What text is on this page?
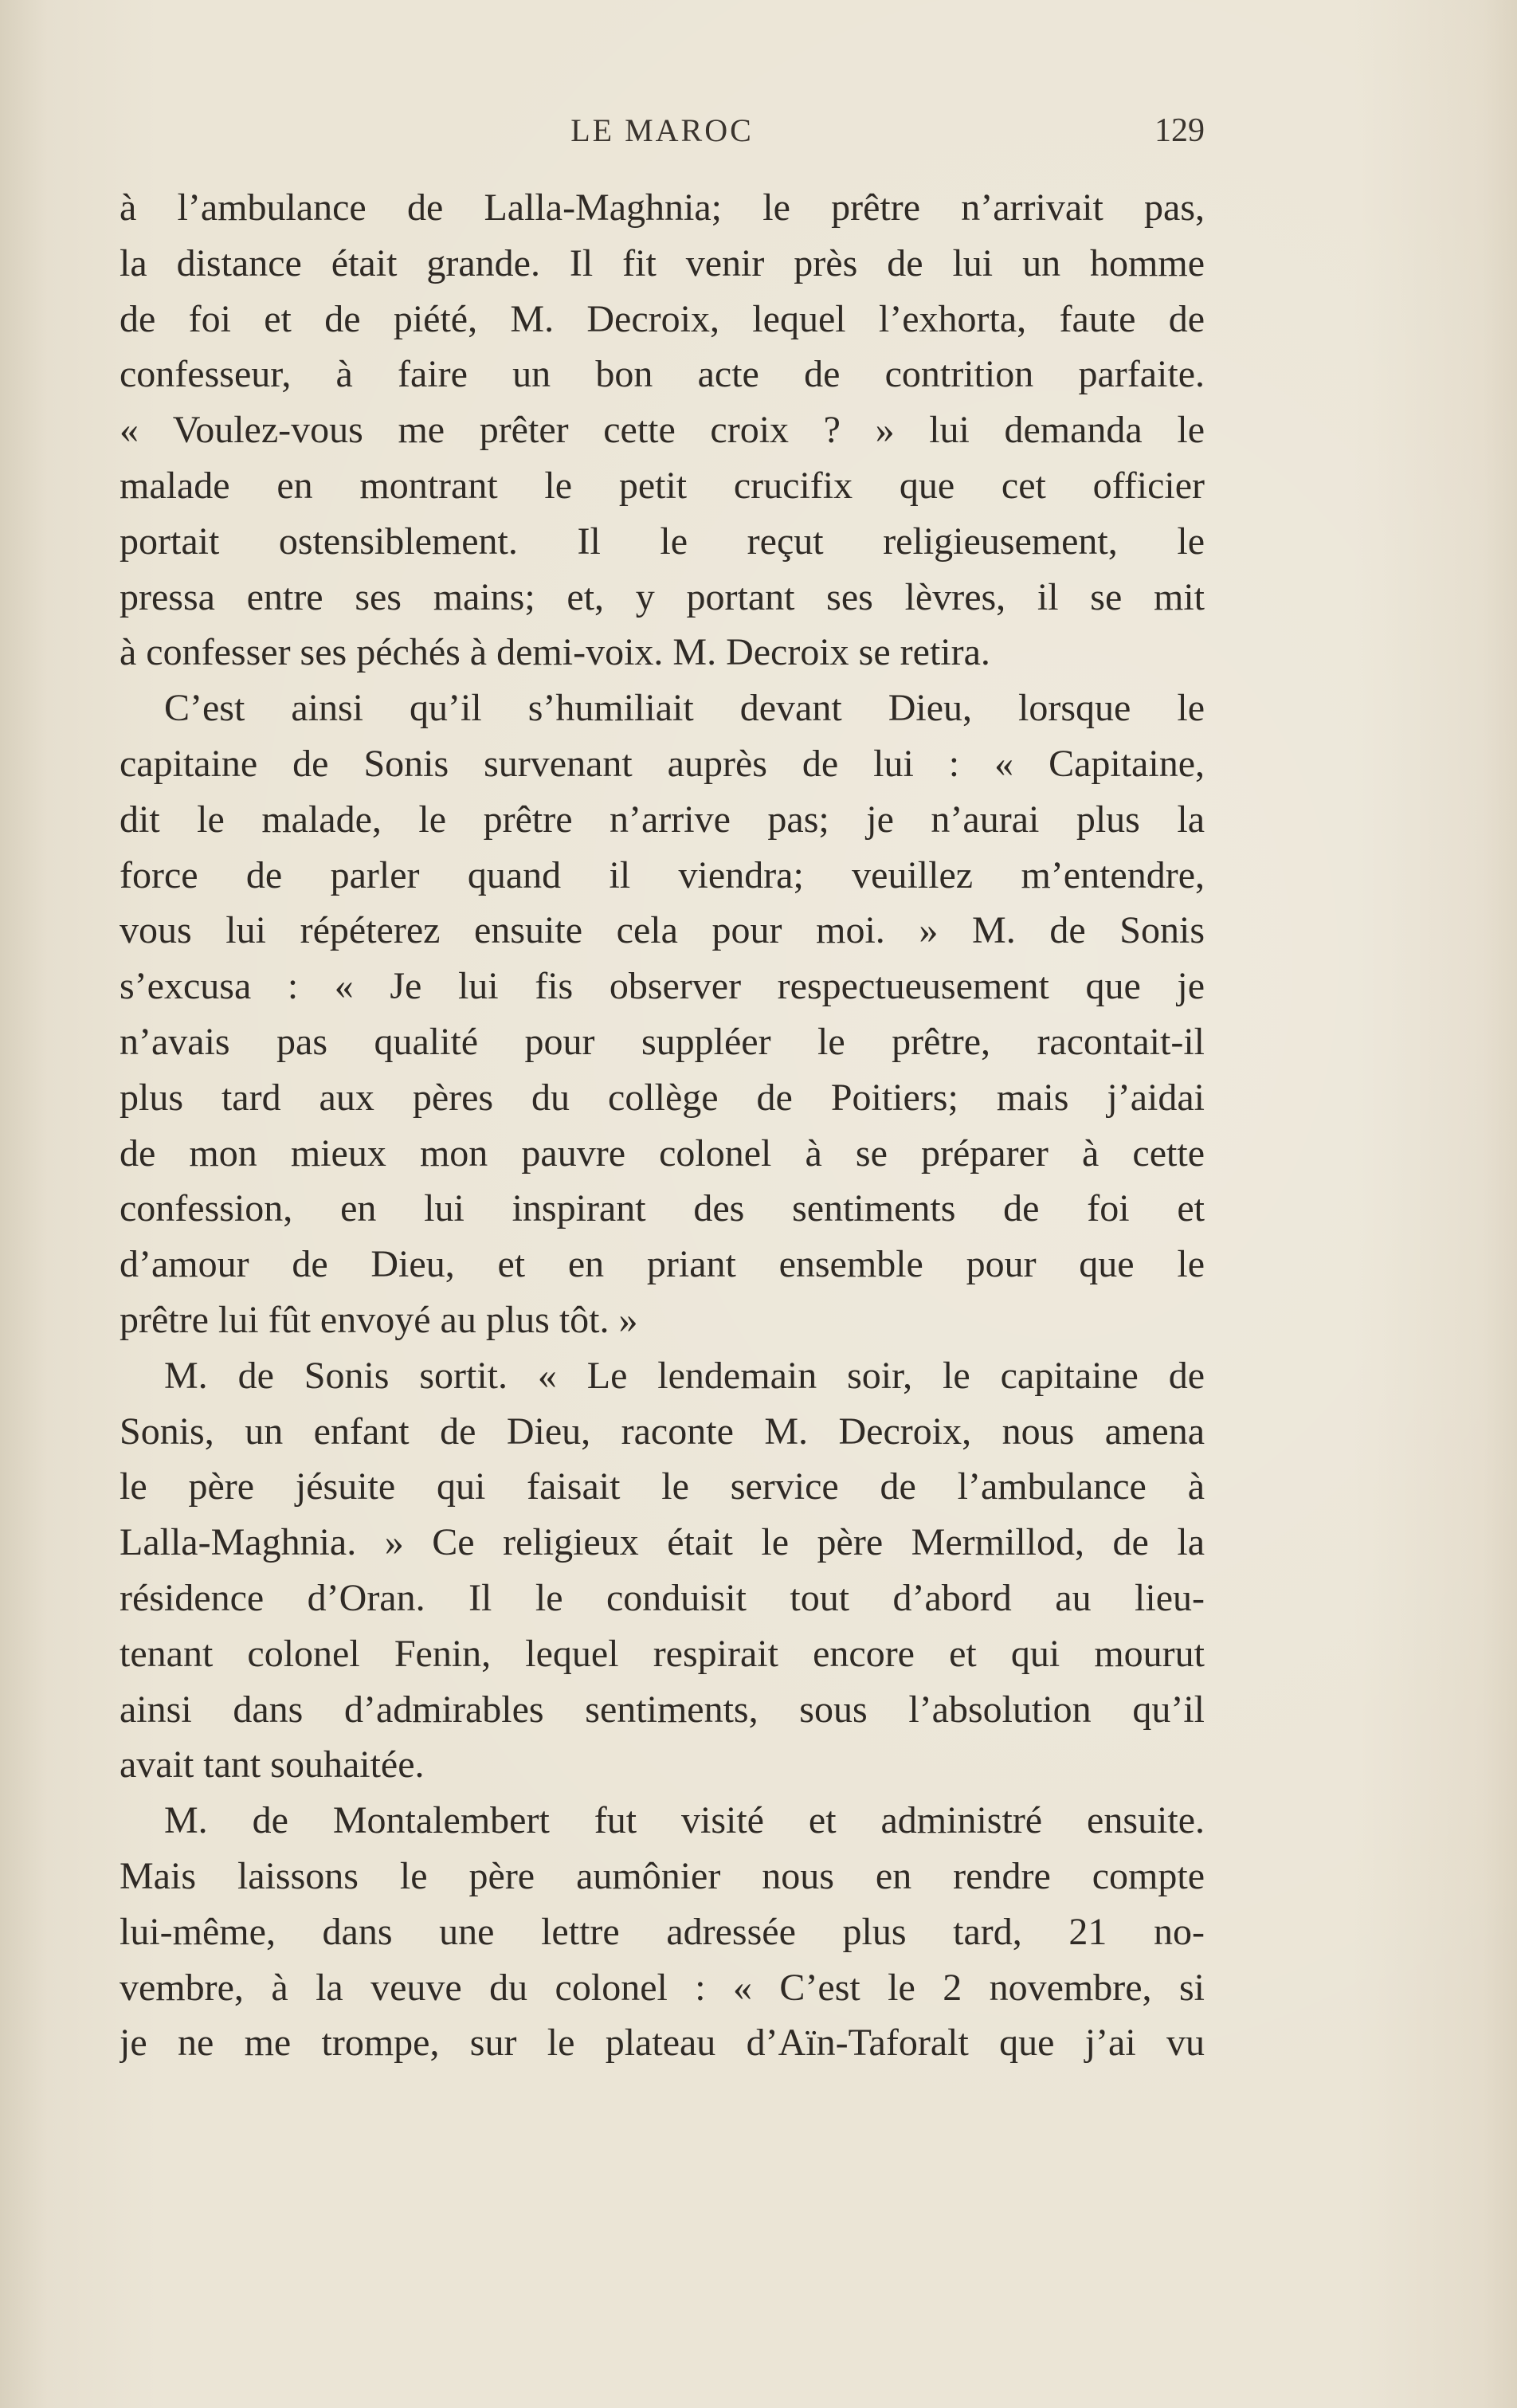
LE MAROC	129
à l’ambulance de Lalla-Maghnia; le prêtre n’arrivait pas,
la distance était grande. Il fit venir près de lui un homme
de foi et de piété, M. Decroix, lequel l’exhorta, faute de
confesseur, à faire un bon acte de contrition parfaite.
« Voulez-vous me prêter cette croix ? » lui demanda le
malade en montrant le petit crucifix que cet officier
portait ostensiblement. Il le reçut religieusement, le
pressa entre ses mains; et, y portant ses lèvres, il se mit
à confesser ses péchés à demi-voix. M. Decroix se retira.
C’est ainsi qu’il s’humiliait devant Dieu, lorsque le
capitaine de Sonis survenant auprès de lui : « Capitaine,
dit le malade, le prêtre n’arrive pas; je n’aurai plus la
force de parler quand il viendra; veuillez m’entendre,
vous lui répéterez ensuite cela pour moi. » M. de Sonis
s’excusa : « Je lui fis observer respectueusement que je
n’avais pas qualité pour suppléer le prêtre, racontait-il
plus tard aux pères du collège de Poitiers; mais j’aidai
de mon mieux mon pauvre colonel à se préparer à cette
confession, en lui inspirant des sentiments de foi et
d’amour de Dieu, et en priant ensemble pour que le
prêtre lui fût envoyé au plus tôt. »
M. de Sonis sortit. « Le lendemain soir, le capitaine de
Sonis, un enfant de Dieu, raconte M. Decroix, nous amena
le père jésuite qui faisait le service de l’ambulance à
Lalla-Maghnia. » Ce religieux était le père Mermillod, de la
résidence d’Oran. Il le conduisit tout d’abord au lieu-
tenant colonel Fenin, lequel respirait encore et qui mourut
ainsi dans d’admirables sentiments, sous l’absolution qu’il
avait tant souhaitée.
M. de Montalembert fut visité et administré ensuite.
Mais laissons le père aumônier nous en rendre compte
lui-même, dans une lettre adressée plus tard, 21 no-
vembre, à la veuve du colonel : « C’est le 2 novembre, si
je ne me trompe, sur le plateau d’Aïn-Taforalt que j’ai vu
